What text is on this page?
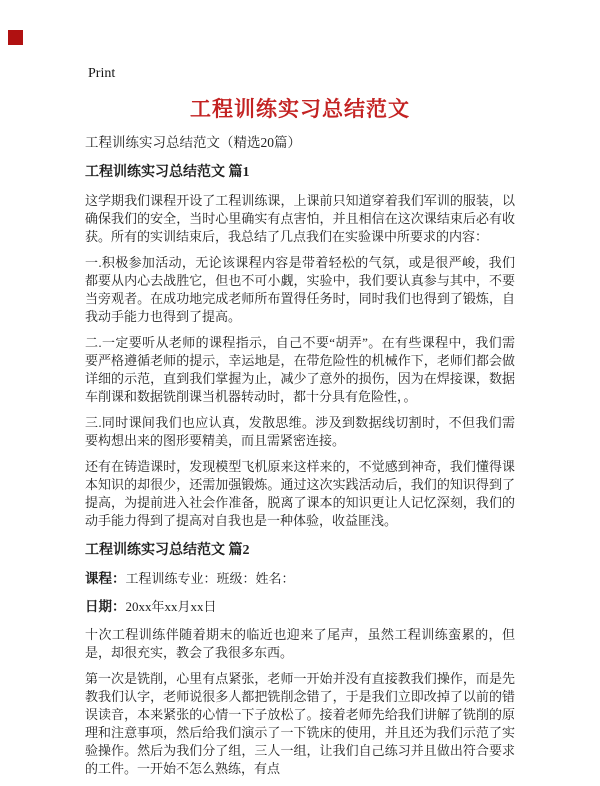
Print
工程训练实习总结范文

工程训练实习总结范文（精选20篇）

工程训练实习总结范文 篇1

这学期我们课程开设了工程训练课，上课前只知道穿着我们军训的服装，以确保我们的安全，当时心里确实有点害怕，并且相信在这次课结束后必有收获。所有的实训结束后，我总结了几点我们在实验课中所要求的内容：

一.积极参加活动，无论该课程内容是带着轻松的气氛，或是很严峻，我们都要从内心去战胜它，但也不可小觑，实验中，我们要认真参与其中，不要当旁观者。在成功地完成老师所布置得任务时，同时我们也得到了锻炼，自我动手能力也得到了提高。

二.一定要听从老师的课程指示，自己不要“胡弄”。在有些课程中，我们需要严格遵循老师的提示，幸运地是，在带危险性的机械作下，老师们都会做详细的示范，直到我们掌握为止，减少了意外的损伤，因为在焊接课，数据车削课和数据铣削课当机器转动时，都十分具有危险性，。

三.同时课间我们也应认真，发散思维。涉及到数据线切割时，不但我们需要构想出来的图形要精美，而且需紧密连接。

还有在铸造课时，发现模型飞机原来这样来的，不觉感到神奇，我们懂得课本知识的却很少，还需加强锻炼。通过这次实践活动后，我们的知识得到了提高，为提前进入社会作准备，脱离了课本的知识更让人记忆深刻，我们的动手能力得到了提高对自我也是一种体验，收益匪浅。

工程训练实习总结范文 篇2

课程：工程训练专业：班级：姓名：

日期：20xx年xx月xx日

十次工程训练伴随着期末的临近也迎来了尾声，虽然工程训练蛮累的，但是，却很充实，教会了我很多东西。

第一次是铣削，心里有点紧张，老师一开始并没有直接教我们操作，而是先教我们认字，老师说很多人都把铣削念错了，于是我们立即改掉了以前的错误读音，本来紧张的心情一下子放松了。接着老师先给我们讲解了铣削的原理和注意事项，然后给我们演示了一下铣床的使用，并且还为我们示范了实验操作。然后为我们分了组，三人一组，让我们自己练习并且做出符合要求的工件。一开始不怎么熟练，有点
